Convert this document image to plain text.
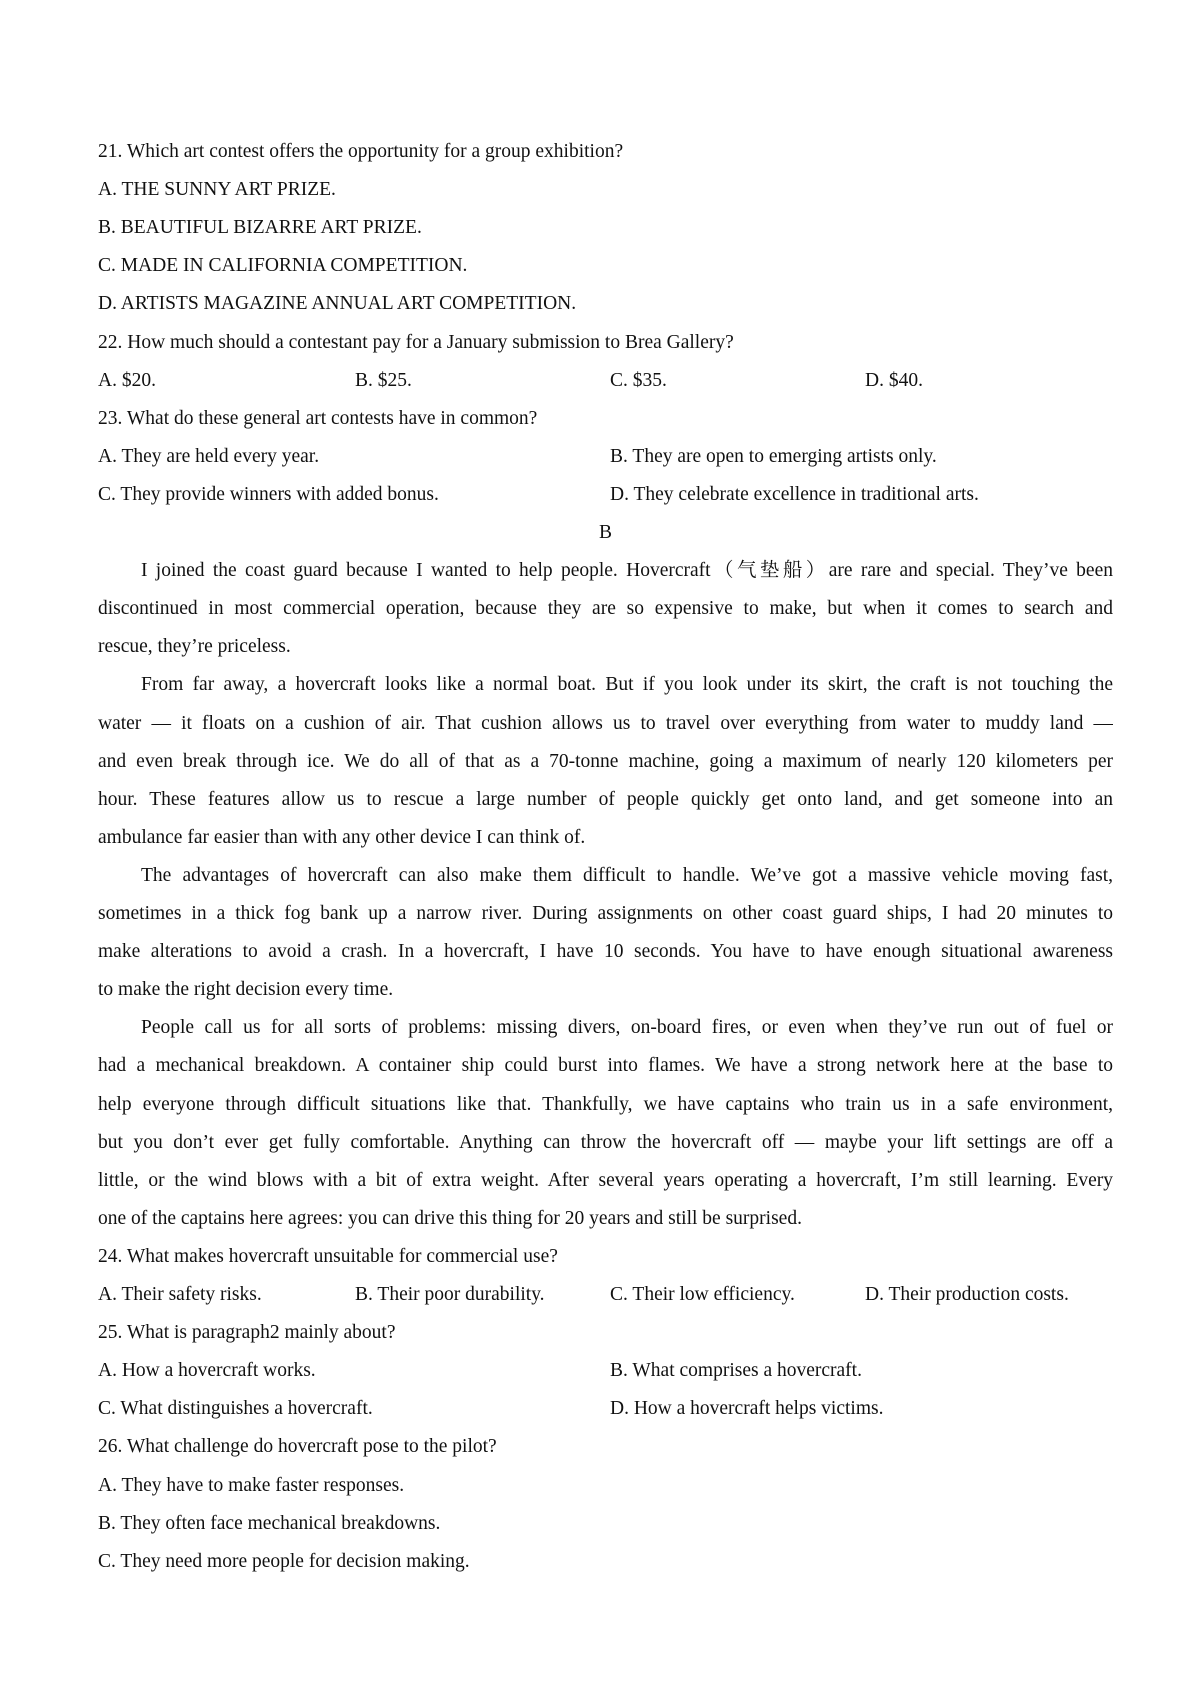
21. Which art contest offers the opportunity for a group exhibition?
A. THE SUNNY ART PRIZE.
B. BEAUTIFUL BIZARRE ART PRIZE.
C. MADE IN CALIFORNIA COMPETITION.
D. ARTISTS MAGAZINE ANNUAL ART COMPETITION.
22. How much should a contestant pay for a January submission to Brea Gallery?
A. $20.	B. $25.	C. $35.	D. $40.
23. What do these general art contests have in common?
A. They are held every year.	B. They are open to emerging artists only.
C. They provide winners with added bonus.	D. They celebrate excellence in traditional arts.
B
I joined the coast guard because I wanted to help people. Hovercraft（气垫船）are rare and special. They’ve been
discontinued in most commercial operation, because they are so expensive to make, but when it comes to search and
rescue, they’re priceless.
From far away, a hovercraft looks like a normal boat. But if you look under its skirt, the craft is not touching the
water — it floats on a cushion of air. That cushion allows us to travel over everything from water to muddy land —
and even break through ice. We do all of that as a 70-tonne machine, going a maximum of nearly 120 kilometers per
hour. These features allow us to rescue a large number of people quickly get onto land, and get someone into an
ambulance far easier than with any other device I can think of.
The advantages of hovercraft can also make them difficult to handle. We’ve got a massive vehicle moving fast,
sometimes in a thick fog bank up a narrow river. During assignments on other coast guard ships, I had 20 minutes to
make alterations to avoid a crash. In a hovercraft, I have 10 seconds. You have to have enough situational awareness
to make the right decision every time.
People call us for all sorts of problems: missing divers, on-board fires, or even when they’ve run out of fuel or
had a mechanical breakdown. A container ship could burst into flames. We have a strong network here at the base to
help everyone through difficult situations like that. Thankfully, we have captains who train us in a safe environment,
but you don’t ever get fully comfortable. Anything can throw the hovercraft off — maybe your lift settings are off a
little, or the wind blows with a bit of extra weight. After several years operating a hovercraft, I’m still learning. Every
one of the captains here agrees: you can drive this thing for 20 years and still be surprised.
24. What makes hovercraft unsuitable for commercial use?
A. Their safety risks.	B. Their poor durability.	C. Their low efficiency.	D. Their production costs.
25. What is paragraph2 mainly about?
A. How a hovercraft works.	B. What comprises a hovercraft.
C. What distinguishes a hovercraft.	D. How a hovercraft helps victims.
26. What challenge do hovercraft pose to the pilot?
A. They have to make faster responses.
B. They often face mechanical breakdowns.
C. They need more people for decision making.
